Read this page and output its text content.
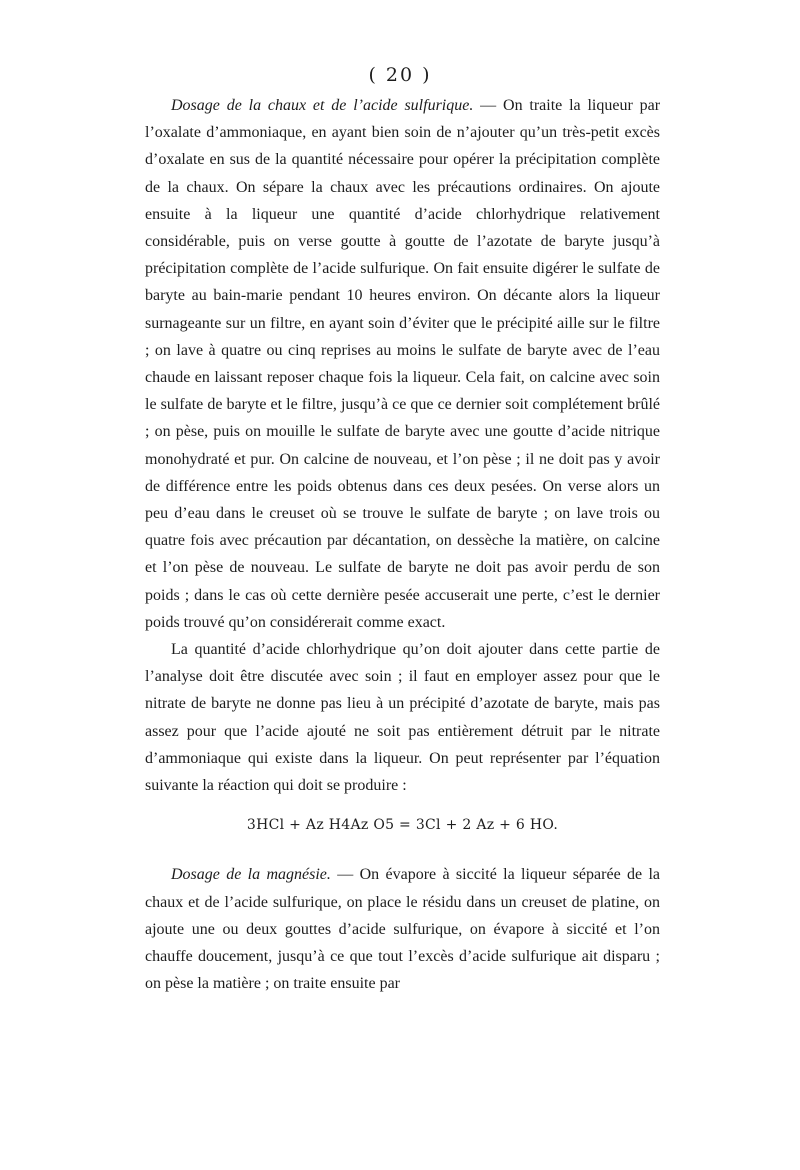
( 20 )

Dosage de la chaux et de l’acide sulfurique. — On traite la liqueur par l’oxalate d’ammoniaque, en ayant bien soin de n’ajouter qu’un très-petit excès d’oxalate en sus de la quantité nécessaire pour opérer la précipitation complète de la chaux. On sépare la chaux avec les précautions ordinaires. On ajoute ensuite à la liqueur une quantité d’acide chlorhydrique relativement considérable, puis on verse goutte à goutte de l’azotate de baryte jusqu’à précipitation complète de l’acide sulfurique. On fait ensuite digérer le sulfate de baryte au bain-marie pendant 10 heures environ. On décante alors la liqueur surnageante sur un filtre, en ayant soin d’éviter que le précipité aille sur le filtre ; on lave à quatre ou cinq reprises au moins le sulfate de baryte avec de l’eau chaude en laissant reposer chaque fois la liqueur. Cela fait, on calcine avec soin le sulfate de baryte et le filtre, jusqu’à ce que ce dernier soit complétement brûlé ; on pèse, puis on mouille le sulfate de baryte avec une goutte d’acide nitrique monohydraté et pur. On calcine de nouveau, et l’on pèse ; il ne doit pas y avoir de différence entre les poids obtenus dans ces deux pesées. On verse alors un peu d’eau dans le creuset où se trouve le sulfate de baryte ; on lave trois ou quatre fois avec précaution par décantation, on dessèche la matière, on calcine et l’on pèse de nouveau. Le sulfate de baryte ne doit pas avoir perdu de son poids ; dans le cas où cette dernière pesée accuserait une perte, c’est le dernier poids trouvé qu’on considérerait comme exact.

La quantité d’acide chlorhydrique qu’on doit ajouter dans cette partie de l’analyse doit être discutée avec soin ; il faut en employer assez pour que le nitrate de baryte ne donne pas lieu à un précipité d’azotate de baryte, mais pas assez pour que l’acide ajouté ne soit pas entièrement détruit par le nitrate d’ammoniaque qui existe dans la liqueur. On peut représenter par l’équation suivante la réaction qui doit se produire :

3HCl + Az H4Az O5 = 3Cl + 2 Az + 6 HO.

Dosage de la magnésie. — On évapore à siccité la liqueur séparée de la chaux et de l’acide sulfurique, on place le résidu dans un creuset de platine, on ajoute une ou deux gouttes d’acide sulfurique, on évapore à siccité et l’on chauffe doucement, jusqu’à ce que tout l’excès d’acide sulfurique ait disparu ; on pèse la matière ; on traite ensuite par
